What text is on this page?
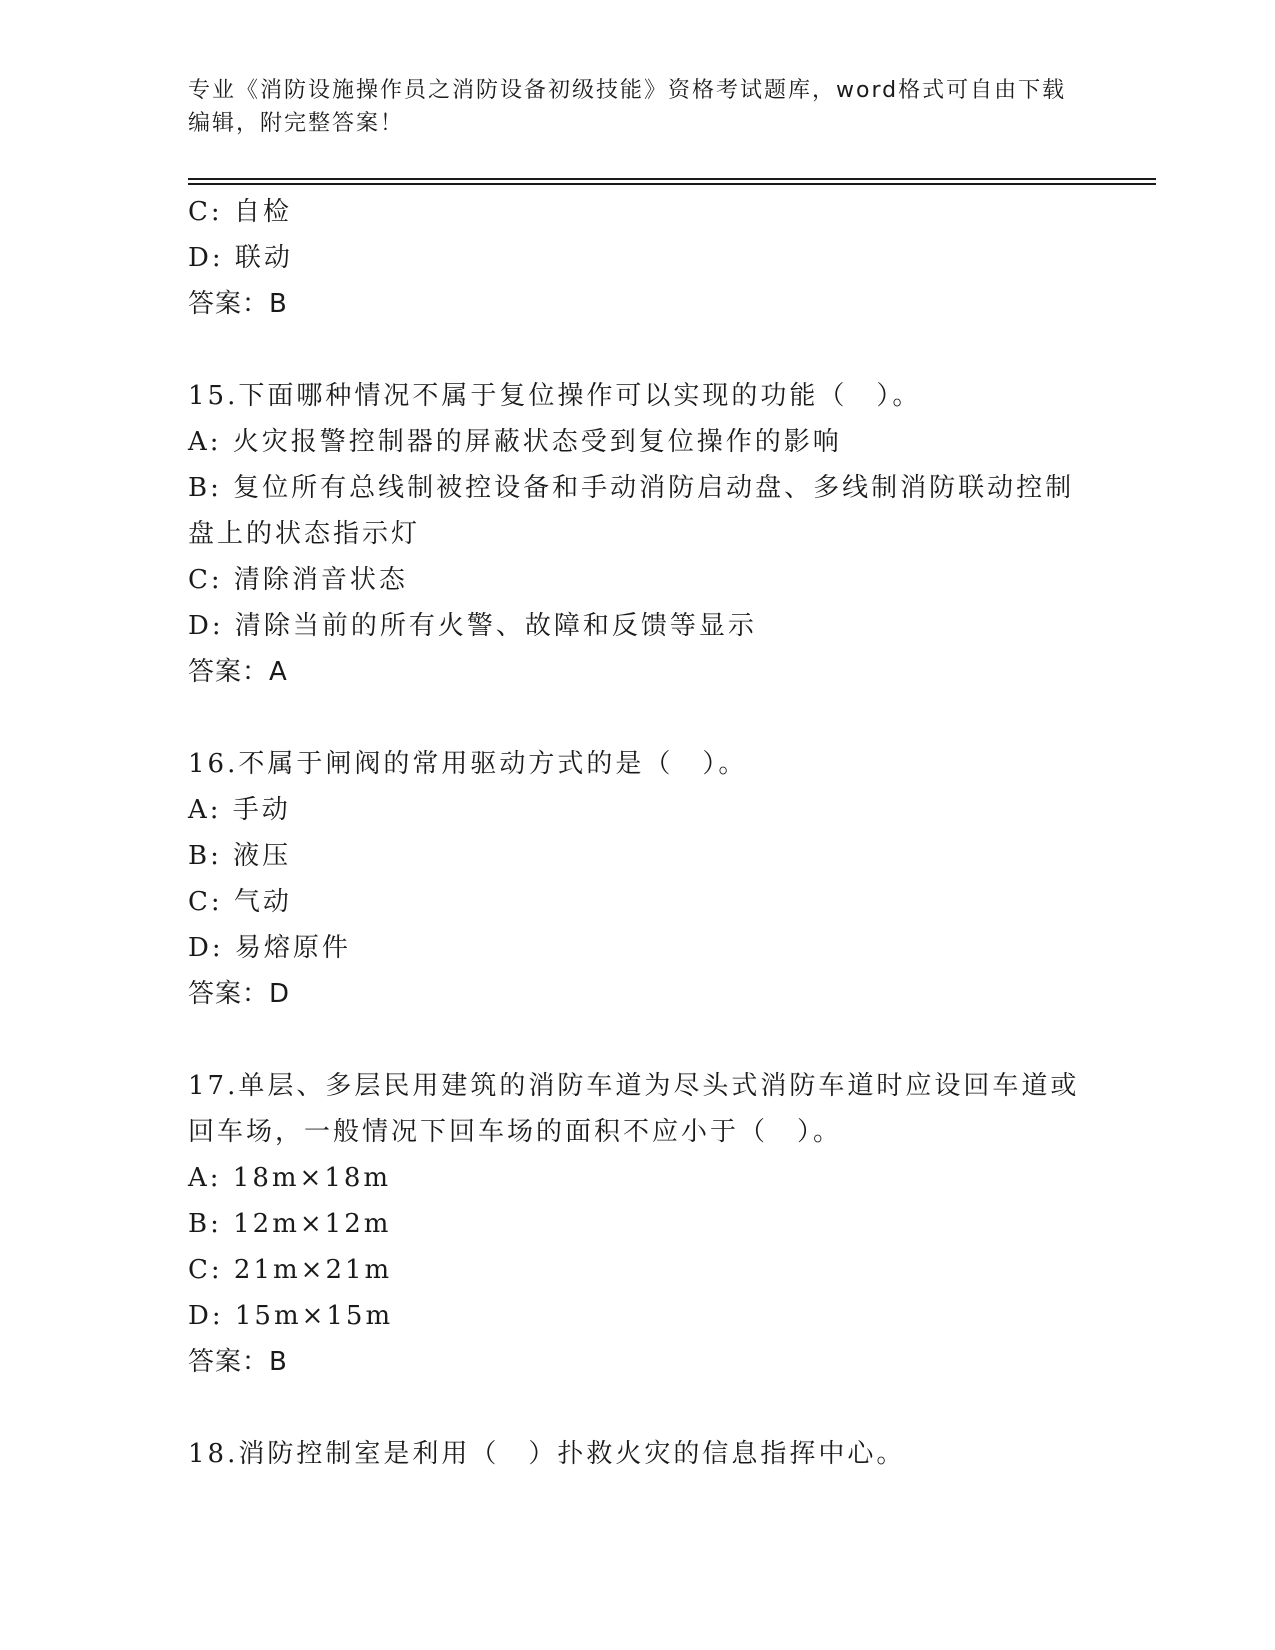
专业《消防设施操作员之消防设备初级技能》资格考试题库，word格式可自由下载编辑，附完整答案！
C: 自检
D: 联动
答案：B
15.下面哪种情况不属于复位操作可以实现的功能（　）。
A: 火灾报警控制器的屏蔽状态受到复位操作的影响
B: 复位所有总线制被控设备和手动消防启动盘、多线制消防联动控制盘上的状态指示灯
C: 清除消音状态
D: 清除当前的所有火警、故障和反馈等显示
答案：A
16.不属于闸阀的常用驱动方式的是（　）。
A: 手动
B: 液压
C: 气动
D: 易熔原件
答案：D
17.单层、多层民用建筑的消防车道为尽头式消防车道时应设回车道或回车场，一般情况下回车场的面积不应小于（　）。
A: 18m×18m
B: 12m×12m
C: 21m×21m
D: 15m×15m
答案：B
18.消防控制室是利用（　）扑救火灾的信息指挥中心。
